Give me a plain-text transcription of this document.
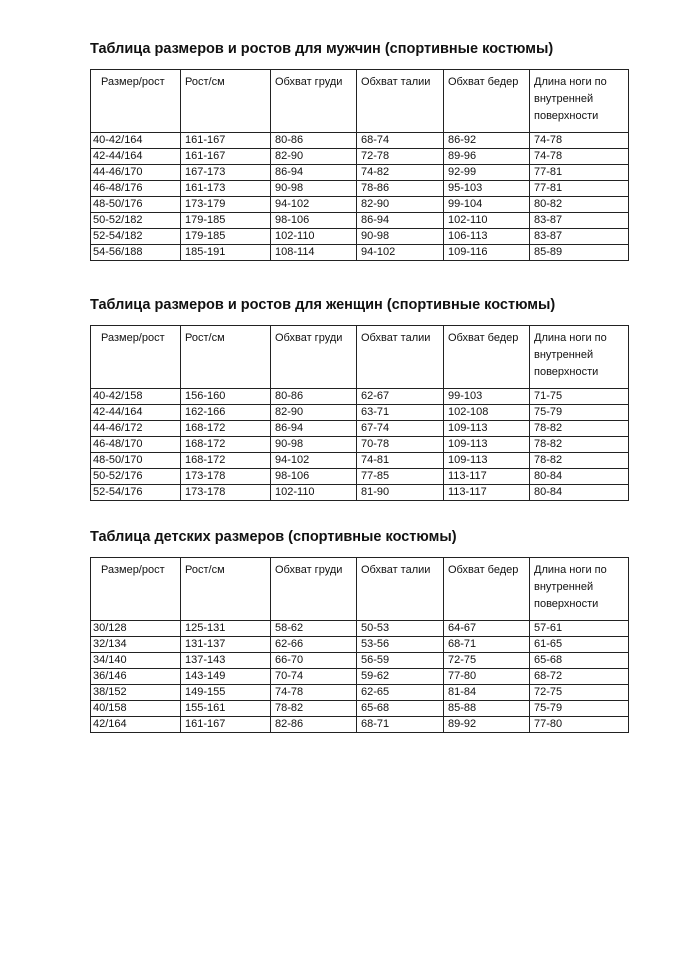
Таблица размеров и ростов для мужчин (спортивные костюмы)
Размер/рост	Рост/см	Обхват груди	Обхват талии	Обхват бедер	Длина ноги по внутренней поверхности
40-42/164	161-167	80-86	68-74	86-92	74-78
42-44/164	161-167	82-90	72-78	89-96	74-78
44-46/170	167-173	86-94	74-82	92-99	77-81
46-48/176	161-173	90-98	78-86	95-103	77-81
48-50/176	173-179	94-102	82-90	99-104	80-82
50-52/182	179-185	98-106	86-94	102-110	83-87
52-54/182	179-185	102-110	90-98	106-113	83-87
54-56/188	185-191	108-114	94-102	109-116	85-89
Таблица размеров и ростов для женщин (спортивные костюмы)
Размер/рост	Рост/см	Обхват груди	Обхват талии	Обхват бедер	Длина ноги по внутренней поверхности
40-42/158	156-160	80-86	62-67	99-103	71-75
42-44/164	162-166	82-90	63-71	102-108	75-79
44-46/172	168-172	86-94	67-74	109-113	78-82
46-48/170	168-172	90-98	70-78	109-113	78-82
48-50/170	168-172	94-102	74-81	109-113	78-82
50-52/176	173-178	98-106	77-85	113-117	80-84
52-54/176	173-178	102-110	81-90	113-117	80-84
Таблица детских размеров (спортивные костюмы)
Размер/рост	Рост/см	Обхват груди	Обхват талии	Обхват бедер	Длина ноги по внутренней поверхности
30/128	125-131	58-62	50-53	64-67	57-61
32/134	131-137	62-66	53-56	68-71	61-65
34/140	137-143	66-70	56-59	72-75	65-68
36/146	143-149	70-74	59-62	77-80	68-72
38/152	149-155	74-78	62-65	81-84	72-75
40/158	155-161	78-82	65-68	85-88	75-79
42/164	161-167	82-86	68-71	89-92	77-80
